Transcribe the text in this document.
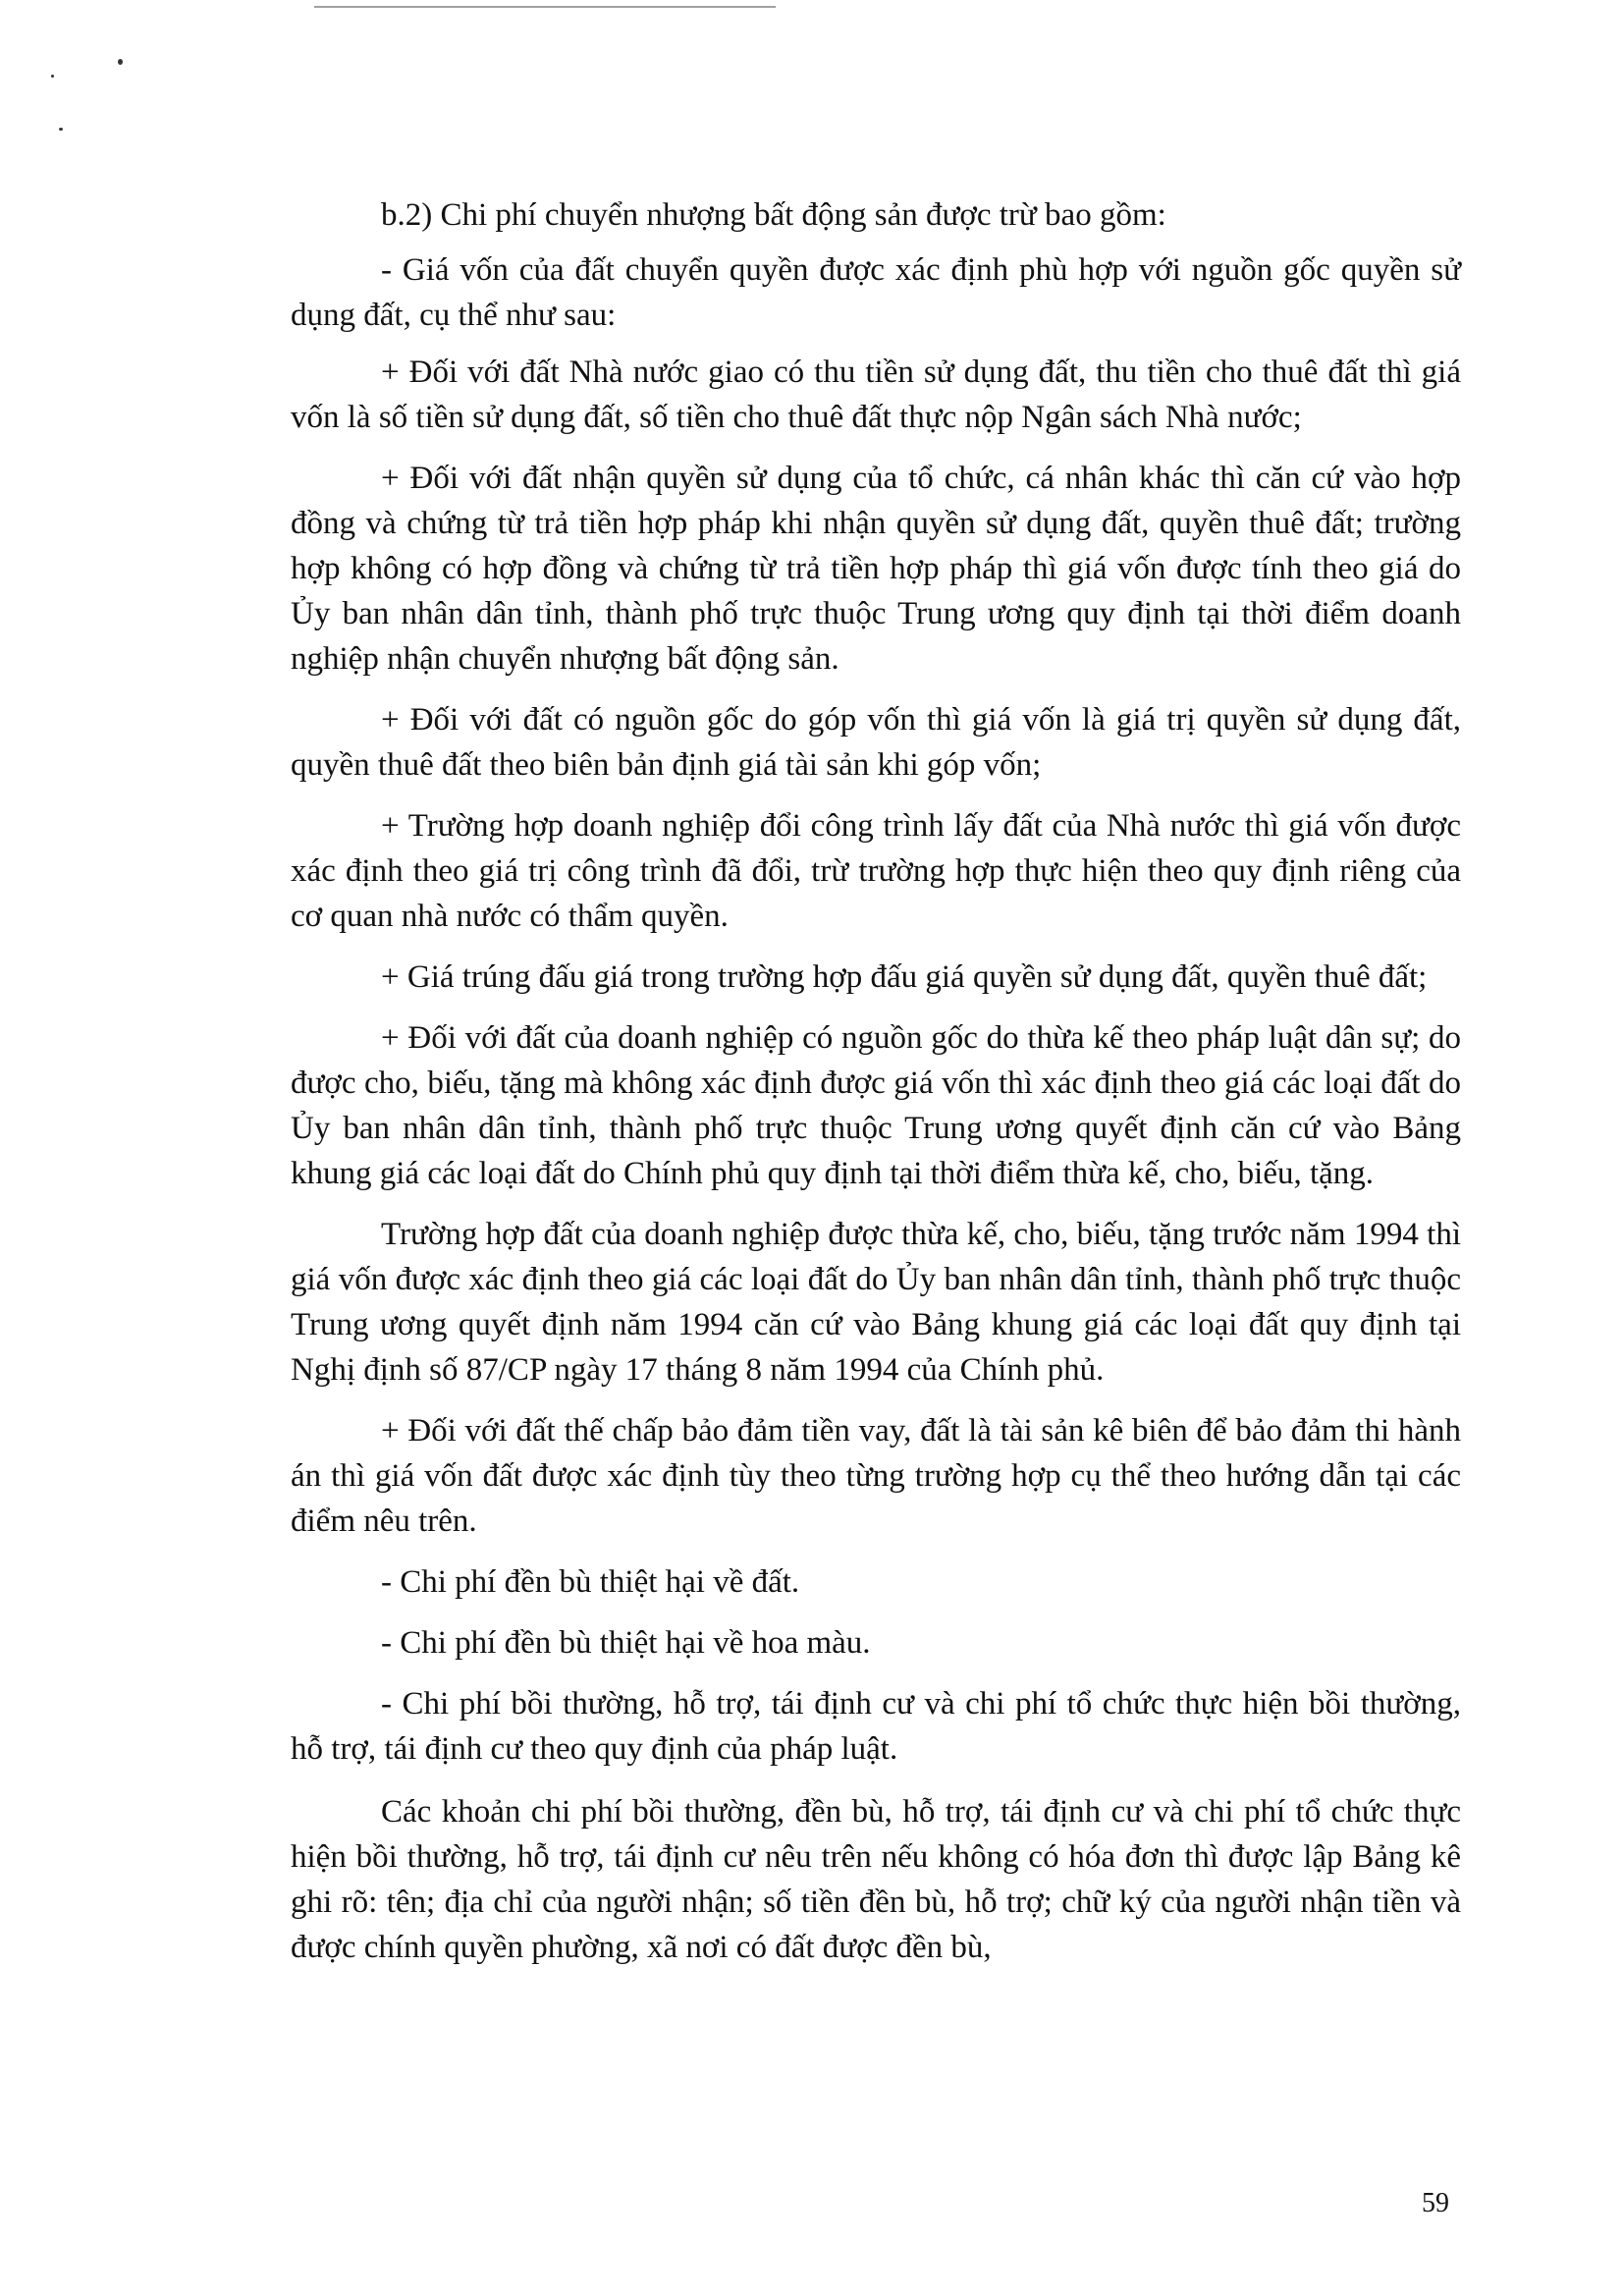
b.2) Chi phí chuyển nhượng bất động sản được trừ bao gồm:

- Giá vốn của đất chuyển quyền được xác định phù hợp với nguồn gốc quyền sử dụng đất, cụ thể như sau:

+ Đối với đất Nhà nước giao có thu tiền sử dụng đất, thu tiền cho thuê đất thì giá vốn là số tiền sử dụng đất, số tiền cho thuê đất thực nộp Ngân sách Nhà nước;

+ Đối với đất nhận quyền sử dụng của tổ chức, cá nhân khác thì căn cứ vào hợp đồng và chứng từ trả tiền hợp pháp khi nhận quyền sử dụng đất, quyền thuê đất; trường hợp không có hợp đồng và chứng từ trả tiền hợp pháp thì giá vốn được tính theo giá do Ủy ban nhân dân tỉnh, thành phố trực thuộc Trung ương quy định tại thời điểm doanh nghiệp nhận chuyển nhượng bất động sản.

+ Đối với đất có nguồn gốc do góp vốn thì giá vốn là giá trị quyền sử dụng đất, quyền thuê đất theo biên bản định giá tài sản khi góp vốn;

+ Trường hợp doanh nghiệp đổi công trình lấy đất của Nhà nước thì giá vốn được xác định theo giá trị công trình đã đổi, trừ trường hợp thực hiện theo quy định riêng của cơ quan nhà nước có thẩm quyền.

+ Giá trúng đấu giá trong trường hợp đấu giá quyền sử dụng đất, quyền thuê đất;

+ Đối với đất của doanh nghiệp có nguồn gốc do thừa kế theo pháp luật dân sự; do được cho, biếu, tặng mà không xác định được giá vốn thì xác định theo giá các loại đất do Ủy ban nhân dân tỉnh, thành phố trực thuộc Trung ương quyết định căn cứ vào Bảng khung giá các loại đất do Chính phủ quy định tại thời điểm thừa kế, cho, biếu, tặng.

Trường hợp đất của doanh nghiệp được thừa kế, cho, biếu, tặng trước năm 1994 thì giá vốn được xác định theo giá các loại đất do Ủy ban nhân dân tỉnh, thành phố trực thuộc Trung ương quyết định năm 1994 căn cứ vào Bảng khung giá các loại đất quy định tại Nghị định số 87/CP ngày 17 tháng 8 năm 1994 của Chính phủ.

+ Đối với đất thế chấp bảo đảm tiền vay, đất là tài sản kê biên để bảo đảm thi hành án thì giá vốn đất được xác định tùy theo từng trường hợp cụ thể theo hướng dẫn tại các điểm nêu trên.

- Chi phí đền bù thiệt hại về đất.

- Chi phí đền bù thiệt hại về hoa màu.

- Chi phí bồi thường, hỗ trợ, tái định cư và chi phí tổ chức thực hiện bồi thường, hỗ trợ, tái định cư theo quy định của pháp luật.

Các khoản chi phí bồi thường, đền bù, hỗ trợ, tái định cư và chi phí tổ chức thực hiện bồi thường, hỗ trợ, tái định cư nêu trên nếu không có hóa đơn thì được lập Bảng kê ghi rõ: tên; địa chỉ của người nhận; số tiền đền bù, hỗ trợ; chữ ký của người nhận tiền và được chính quyền phường, xã nơi có đất được đền bù,

59
